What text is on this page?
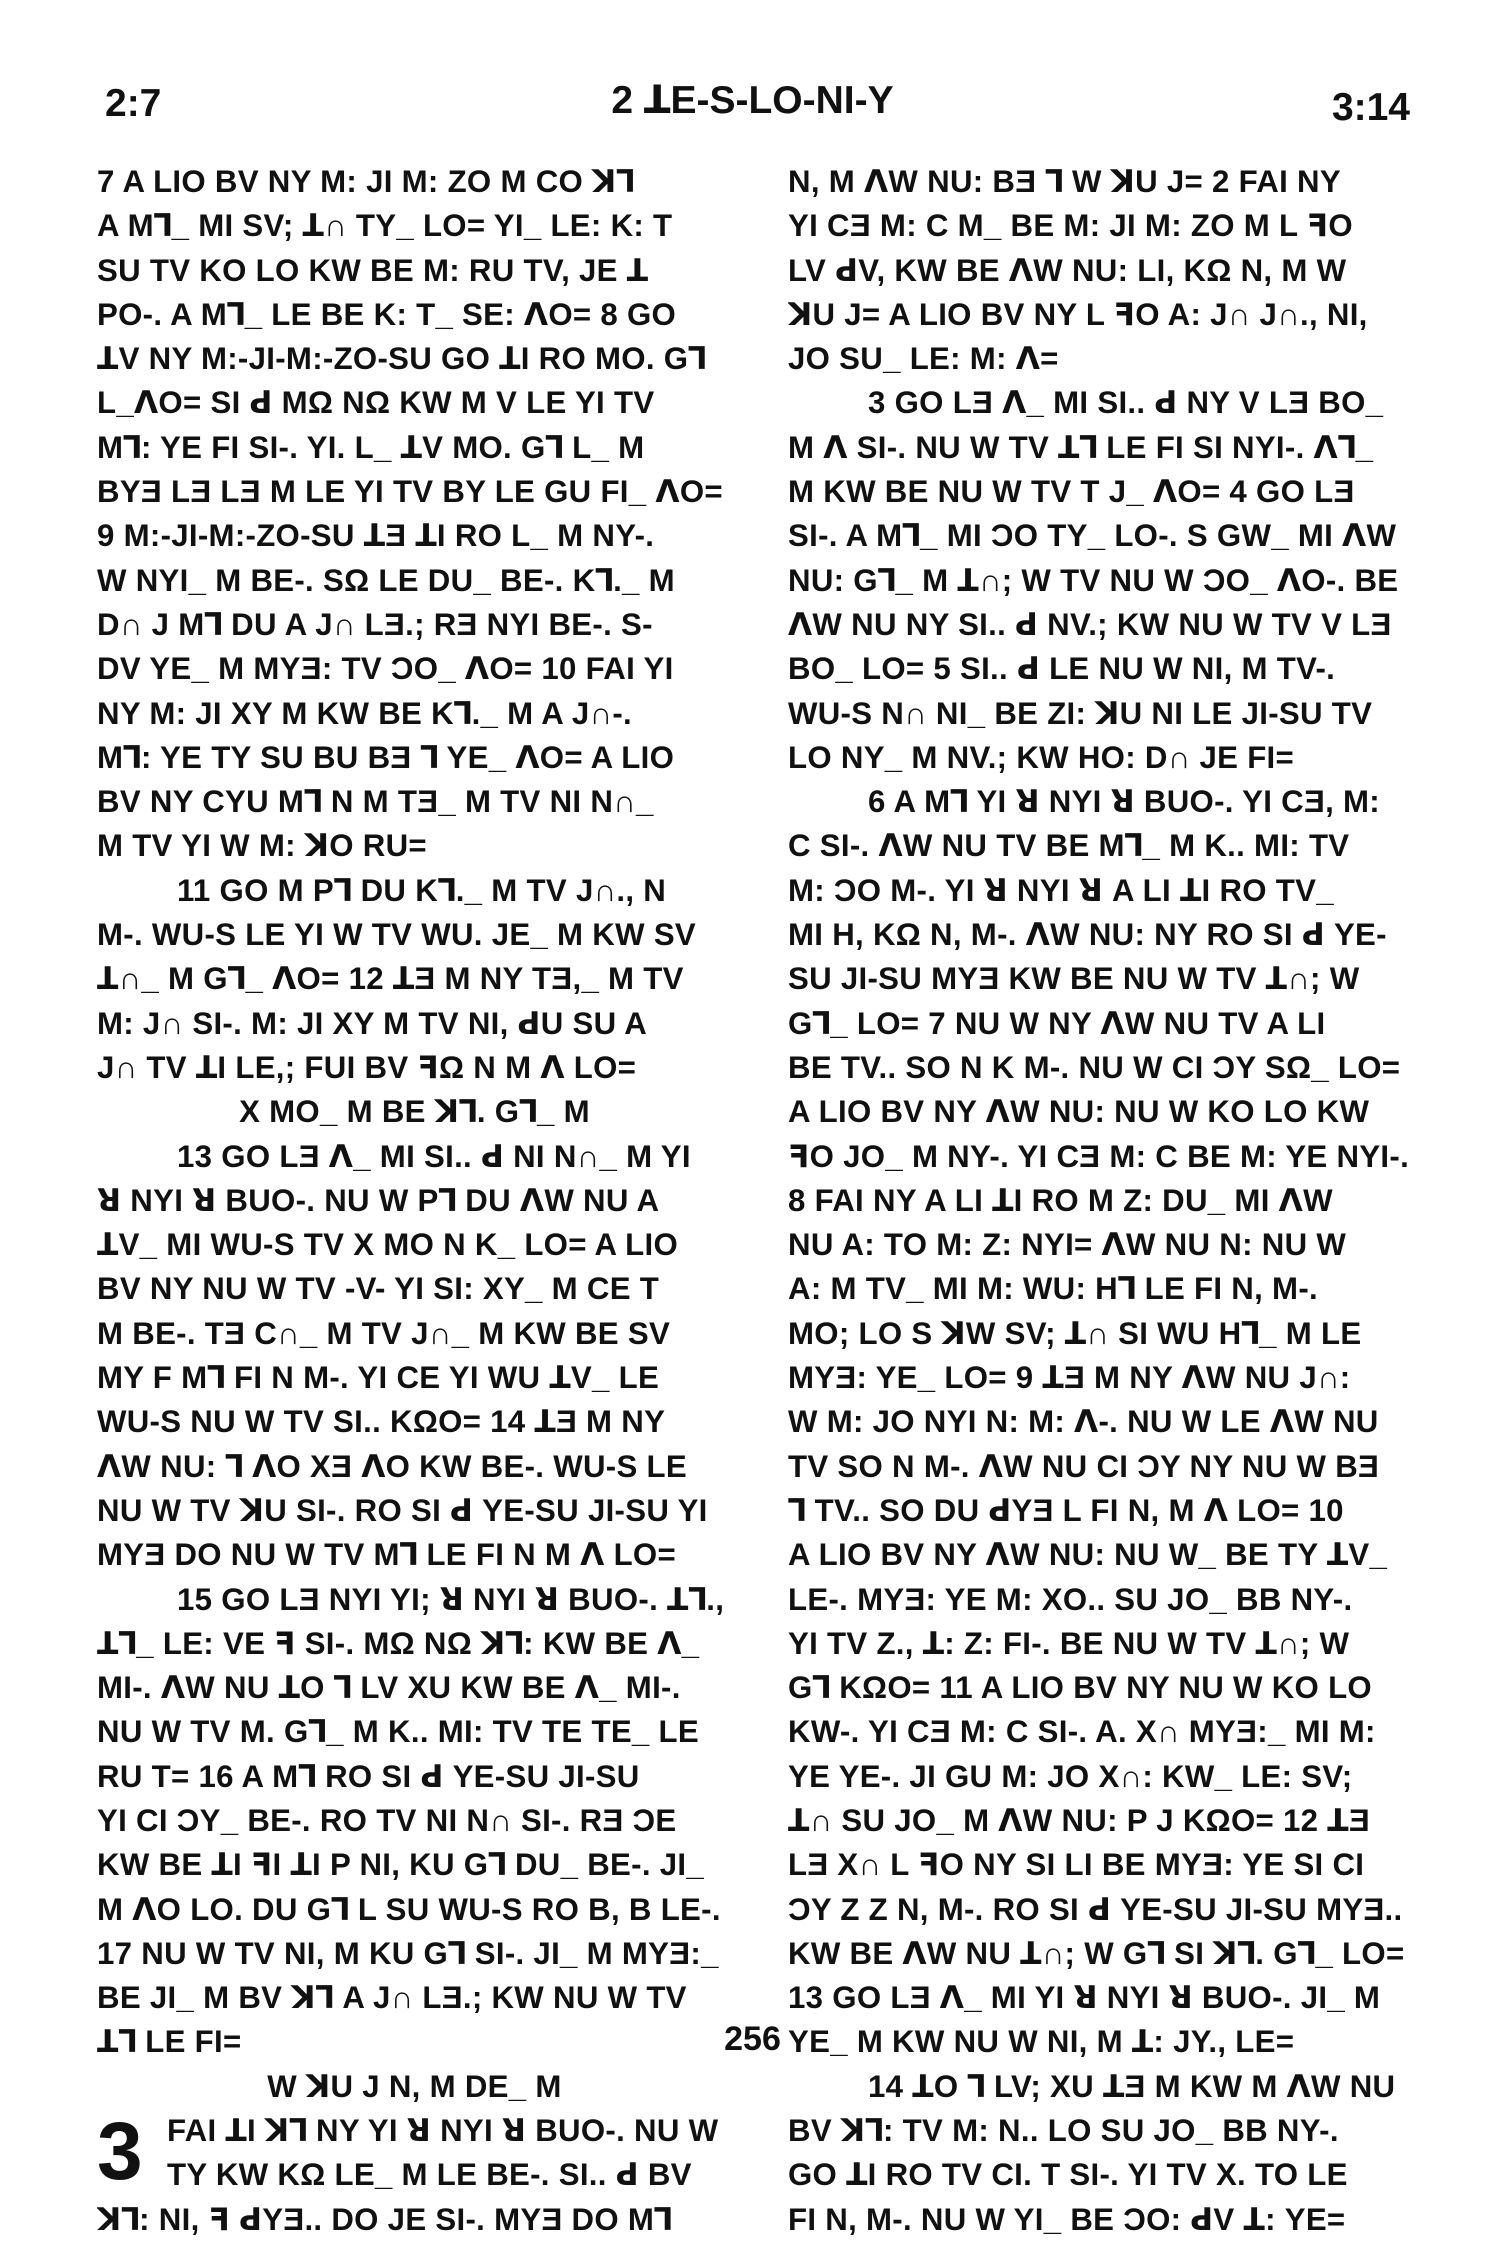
2:7	2 ꓕE-S-LO-NI-Y	3:14
7 A LIO BV NY M: JI M: ZO M CO ꓘꓶ
A M⅂_ MI SV; ꓕ∩ TY_ LO= YI_ LE: K: T
SU TV KO LO KW BE M: RU TV, JE ꓕ
PO-. A M⅂_ LE BE K: T_ SE: ꓥO= 8 GO
ꓕV NY M:-JI-M:-ZO-SU GO ꓕI RO MO. G⅂
L_ꓥO= SI ꓒ MΩ NΩ KW M V LE YI TV
M⅂: YE FI SI-. YI. L_ ꓕV MO. G⅂ L_ M
BYƎ LƎ LƎ M LE YI TV BY LE GU FI_ ꓥO=
9 M:-JI-M:-ZO-SU ꓕƎ ꓕI RO L_ M NY-.
W NYI_ M BE-. SΩ LE DU_ BE-. K⅂._ M
D∩ J M⅂ DU A J∩ LƎ.; RƎ NYI BE-. S-
DV YE_ M MYƎ: TV ƆO_ ꓥO= 10 FAI YI
NY M: JI XY M KW BE K⅂._ M A J∩-.
M⅂: YE TY SU BU BƎ ⅂ YE_ ꓥO= A LIO
BV NY CYU M⅂ N M TƎ_ M TV NI N∩_
M TV YI W M: ꓘO RU=
11 GO M P⅂ DU K⅂._ M TV J∩., N
M-. WU-S LE YI W TV WU. JE_ M KW SV
ꓕ∩_ M G⅂_ ꓥO= 12 ꓕƎ M NY TƎ,_ M TV
M: J∩ SI-. M: JI XY M TV NI, ꓒU SU A
J∩ TV ꓕI LE,; FUI BV ꟻΩ N M ꓥ LO=
X MO_ M BE ꓘ⅂. G⅂_ M
13 GO LƎ ꓥ_ MI SI.. ꓒ NI N∩_ M YI
ꓤ NYI ꓤ BUO-. NU W P⅂ DU ꓥW NU A
ꓕV_ MI WU-S TV X MO N K_ LO= A LIO
BV NY NU W TV -V- YI SI: XY_ M CE T
M BE-. TƎ C∩_ M TV J∩_ M KW BE SV
MY F M⅂ FI N M-. YI CE YI WU ꓕV_ LE
WU-S NU W TV SI.. KΩO= 14 ꓕƎ M NY
ꓥW NU: ⅂ ꓥO XƎ ꓥO KW BE-. WU-S LE
NU W TV ꓘU SI-. RO SI ꓒ YE-SU JI-SU YI
MYƎ DO NU W TV M⅂ LE FI N M ꓥ LO=
15 GO LƎ NYI YI; ꓤ NYI ꓤ BUO-. ꓕ⅂.,
ꓕ⅂_ LE: VE ꟻ SI-. MΩ NΩ ꓘ⅂: KW BE ꓥ_
MI-. ꓥW NU ꓕO ⅂ LV XU KW BE ꓥ_ MI-.
NU W TV M. G⅂_ M K.. MI: TV TE TE_ LE
RU T= 16 A M⅂ RO SI ꓒ YE-SU JI-SU
YI CI ƆY_ BE-. RO TV NI N∩ SI-. RƎ ƆE
KW BE ꓕI ꟻI ꓕI P NI, KU G⅂ DU_ BE-. JI_
M ꓥO LO. DU G⅂ L SU WU-S RO B, B LE-.
17 NU W TV NI, M KU G⅂ SI-. JI_ M MYƎ:_
BE JI_ M BV ꓘ⅂ A J∩ LƎ.; KW NU W TV
ꓕ⅂ LE FI=
W ꓘU J N, M DE_ M
3 FAI ꓕI ꓘ⅂ NY YI ꓤ NYI ꓤ BUO-. NU W
TY KW KΩ LE_ M LE BE-. SI.. ꓒ BV
ꓘ⅂: NI, ꟻ ꓒYƎ.. DO JE SI-. MYƎ DO M⅂
N, M ꓥW NU: BƎ ⅂ W ꓘU J= 2 FAI NY
YI CƎ M: C M_ BE M: JI M: ZO M L ꟻO
LV ꓒV, KW BE ꓥW NU: LI, KΩ N, M W
ꓘU J= A LIO BV NY L ꟻO A: J∩ J∩., NI,
JO SU_ LE: M: ꓥ=
3 GO LƎ ꓥ_ MI SI.. ꓒ NY V LƎ BO_
M ꓥ SI-. NU W TV ꓕ⅂ LE FI SI NYI-. ꓥ⅂_
M KW BE NU W TV T J_ ꓥO= 4 GO LƎ
SI-. A M⅂_ MI ƆO TY_ LO-. S GW_ MI ꓥW
NU: G⅂_ M ꓕ∩; W TV NU W ƆO_ ꓥO-. BE
ꓥW NU NY SI.. ꓒ NV.; KW NU W TV V LƎ
BO_ LO= 5 SI.. ꓒ LE NU W NI, M TV-.
WU-S N∩ NI_ BE ZI: ꓘU NI LE JI-SU TV
LO NY_ M NV.; KW HO: D∩ JE FI=
6 A M⅂ YI ꓤ NYI ꓤ BUO-. YI CƎ, M:
C SI-. ꓥW NU TV BE M⅂_ M K.. MI: TV
M: ƆO M-. YI ꓤ NYI ꓤ A LI ꓕI RO TV_
MI H, KΩ N, M-. ꓥW NU: NY RO SI ꓒ YE-
SU JI-SU MYƎ KW BE NU W TV ꓕ∩; W
G⅂_ LO= 7 NU W NY ꓥW NU TV A LI
BE TV.. SO N K M-. NU W CI ƆY SΩ_ LO=
A LIO BV NY ꓥW NU: NU W KO LO KW
ꟻO JO_ M NY-. YI CƎ M: C BE M: YE NYI-.
8 FAI NY A LI ꓕI RO M Z: DU_ MI ꓥW
NU A: TO M: Z: NYI= ꓥW NU N: NU W
A: M TV_ MI M: WU: H⅂ LE FI N, M-.
MO; LO S ꓘW SV; ꓕ∩ SI WU H⅂_ M LE
MYƎ: YE_ LO= 9 ꓕƎ M NY ꓥW NU J∩:
W M: JO NYI N: M: ꓥ-. NU W LE ꓥW NU
TV SO N M-. ꓥW NU CI ƆY NY NU W BƎ
⅂ TV.. SO DU ꓒYƎ L FI N, M ꓥ LO= 10
A LIO BV NY ꓥW NU: NU W_ BE TY ꓕV_
LE-. MYƎ: YE M: XO.. SU JO_ BB NY-.
YI TV Z., ꓕ: Z: FI-. BE NU W TV ꓕ∩; W
G⅂ KΩO= 11 A LIO BV NY NU W KO LO
KW-. YI CƎ M: C SI-. A. X∩ MYƎ:_ MI M:
YE YE-. JI GU M: JO X∩: KW_ LE: SV;
ꓕ∩ SU JO_ M ꓥW NU: P J KΩO= 12 ꓕƎ
LƎ X∩ L ꟻO NY SI LI BE MYƎ: YE SI CI
ƆY Z Z N, M-. RO SI ꓒ YE-SU JI-SU MYƎ..
KW BE ꓥW NU ꓕ∩; W G⅂ SI ꓘ⅂. G⅂_ LO=
13 GO LƎ ꓥ_ MI YI ꓤ NYI ꓤ BUO-. JI_ M
YE_ M KW NU W NI, M ꓕ: JY., LE=
14 ꓕO ⅂ LV; XU ꓕƎ M KW M ꓥW NU
BV ꓘ⅂: TV M: N.. LO SU JO_ BB NY-.
GO ꓕI RO TV CI. T SI-. YI TV X. TO LE
FI N, M-. NU W YI_ BE ƆO: ꓒV ꓕ: YE=
256
